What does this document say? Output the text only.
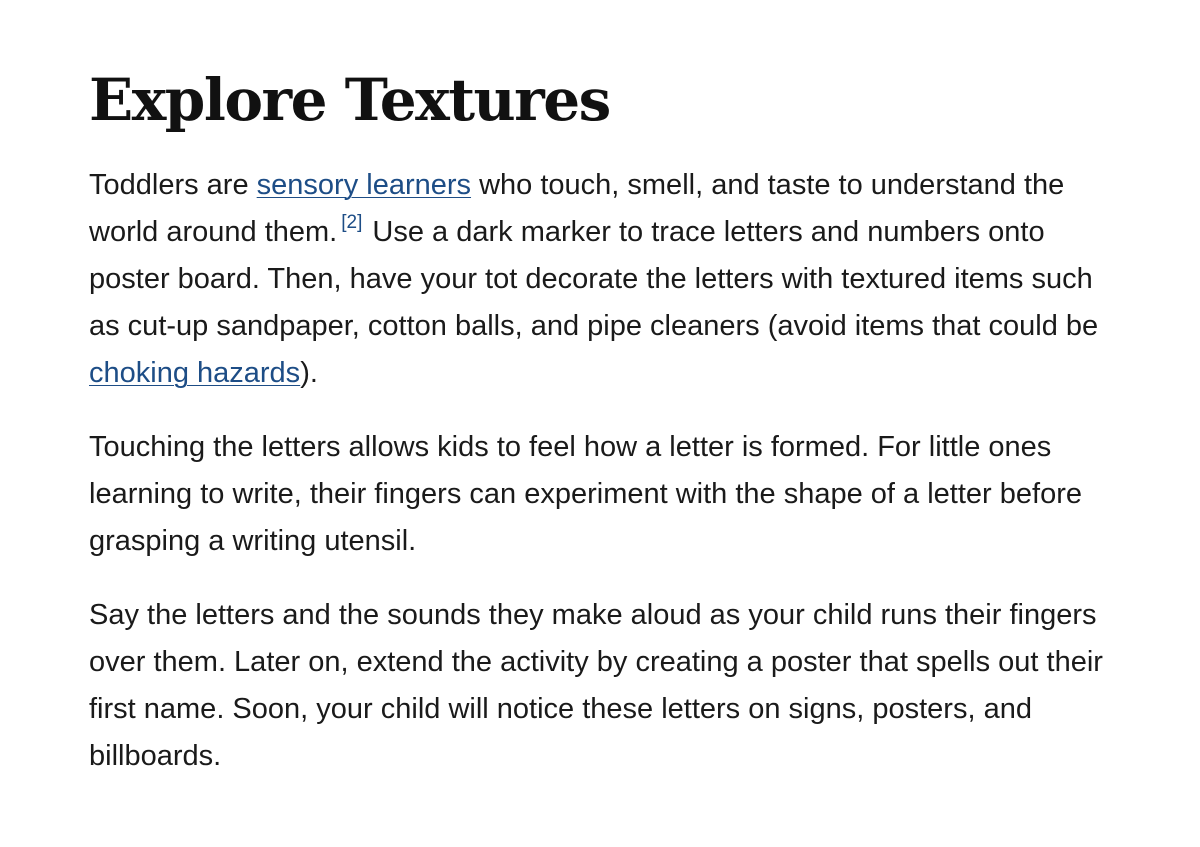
Explore Textures

Toddlers are sensory learners who touch, smell, and taste to understand the world around them. [2] Use a dark marker to trace letters and numbers onto poster board. Then, have your tot decorate the letters with textured items such as cut-up sandpaper, cotton balls, and pipe cleaners (avoid items that could be choking hazards).

Touching the letters allows kids to feel how a letter is formed. For little ones learning to write, their fingers can experiment with the shape of a letter before grasping a writing utensil.

Say the letters and the sounds they make aloud as your child runs their fingers over them. Later on, extend the activity by creating a poster that spells out their first name. Soon, your child will notice these letters on signs, posters, and billboards.
